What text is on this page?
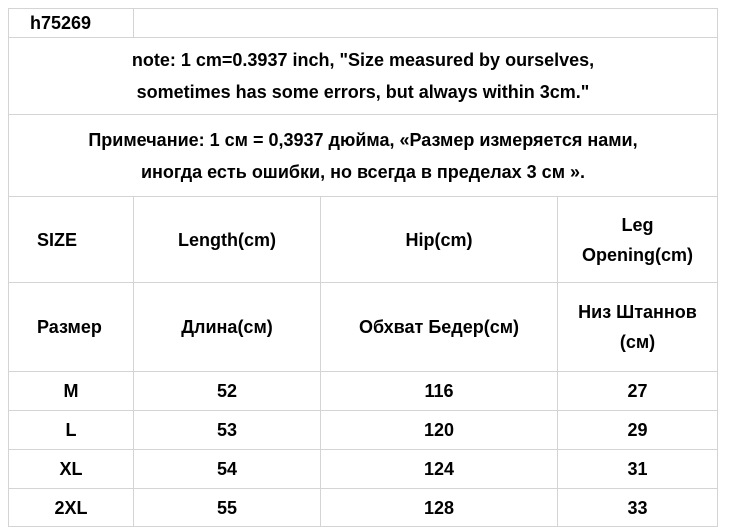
h75269			

note: 1 cm=0.3937 inch, "Size measured by ourselves,
sometimes has some errors, but always within 3cm."			

Примечание: 1 см = 0,3937 дюйма, «Размер измеряется нами,
иногда есть ошибки, но всегда в пределах 3 см ».			

SIZE	Length(cm)	Hip(cm)	Leg
Opening(cm)

Размер	Длина(см)	Обхват Бедер(см)	Низ Штаннов
(см)

M	52	116	27
L	53	120	29
XL	54	124	31
2XL	55	128	33
